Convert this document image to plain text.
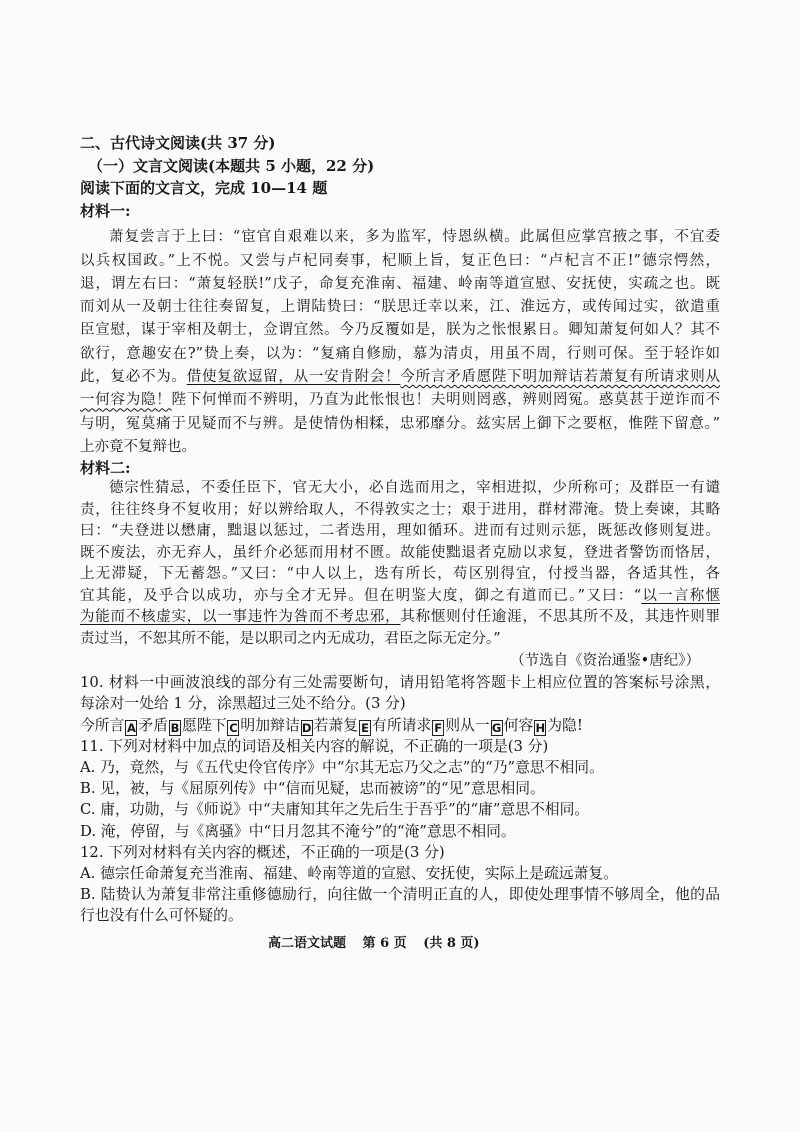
二、古代诗文阅读(共 37 分)
（一）文言文阅读(本题共 5 小题，22 分)
阅读下面的文言文，完成 10—14 题
材料一:
萧复尝言于上曰：“宦官自艰难以来，多为监军，恃恩纵横。此属但应掌宫掖之事，不宜委
以兵权国政。”上不悦。又尝与卢杞同奏事，杞顺上旨，复正色曰：“卢杞言不正!”德宗愕然，
退，谓左右曰：“萧复轻朕!”戊子，命复充淮南、福建、岭南等道宣慰、安抚使，实疏之也。既
而刘从一及朝士往往奏留复，上谓陆贽曰：“朕思迁幸以来，江、淮远方，或传闻过实，欲遣重
臣宣慰，谋于宰相及朝士，佥谓宜然。今乃反覆如是，朕为之怅恨累日。卿知萧复何如人？其不
欲行，意趣安在?”贽上奏，以为：“复痛自修励，慕为清贞，用虽不周，行则可保。至于轻诈如
此，复必不为。借使复欲逗留，从一安肯附会！今所言矛盾愿陛下明加辩诘若萧复有所请求则从
一何容为隐！陛下何惮而不辨明，乃直为此怅恨也！夫明则罔惑，辨则罔冤。惑莫甚于逆诈而不
与明，冤莫痛于见疑而不与辨。是使情伪相糅，忠邪靡分。兹实居上御下之要枢，惟陛下留意。”
上亦竟不复辩也。
材料二:
德宗性猜忌，不委任臣下，官无大小，必自选而用之，宰相进拟，少所称可；及群臣一有谴
责，往往终身不复收用；好以辨给取人，不得敦实之士；艰于进用，群材滞淹。贽上奏谏，其略
曰：“夫登进以懋庸，黜退以惩过，二者迭用，理如循环。进而有过则示惩，既惩改修则复进。
既不废法，亦无弃人，虽纤介必惩而用材不匮。故能使黜退者克励以求复，登进者警饬而恪居，
上无滞疑，下无蓄怨。”又曰：“中人以上，迭有所长，苟区别得宜，付授当器，各适其性，各
宜其能，及乎合以成功，亦与全才无异。但在明鉴大度，御之有道而已。”又曰：“以一言称惬
为能而不核虚实，以一事违忤为咎而不考忠邪，其称惬则付任逾涯，不思其所不及，其违忤则罪
责过当，不恕其所不能，是以职司之内无成功，君臣之际无定分。”
（节选自《资治通鉴•唐纪》）
10. 材料一中画波浪线的部分有三处需要断句，请用铅笔将答题卡上相应位置的答案标号涂黑，
每涂对一处给 1 分，涂黑超过三处不给分。(3 分)
今所言 A 矛盾 B 愿陛下 C 明加辩诘 D 若萧复 E 有所请求 F 则从一 G 何容 H 为隐!
11. 下列对材料中加点的词语及相关内容的解说，不正确的一项是(3 分)
A. 乃，竟然，与《五代史伶官传序》中“尔其无忘乃父之志”的“乃”意思不相同。
B. 见，被，与《屈原列传》中“信而见疑，忠而被谤”的“见”意思相同。
C. 庸，功勋，与《师说》中“夫庸知其年之先后生于吾乎”的“庸”意思不相同。
D. 淹，停留，与《离骚》中“日月忽其不淹兮”的“淹”意思不相同。
12. 下列对材料有关内容的概述，不正确的一项是(3 分)
A. 德宗任命萧复充当淮南、福建、岭南等道的宣慰、安抚使，实际上是疏远萧复。
B. 陆贽认为萧复非常注重修德励行，向往做一个清明正直的人，即使处理事情不够周全，他的品
行也没有什么可怀疑的。
高二语文试题 第 6 页 (共 8 页)
